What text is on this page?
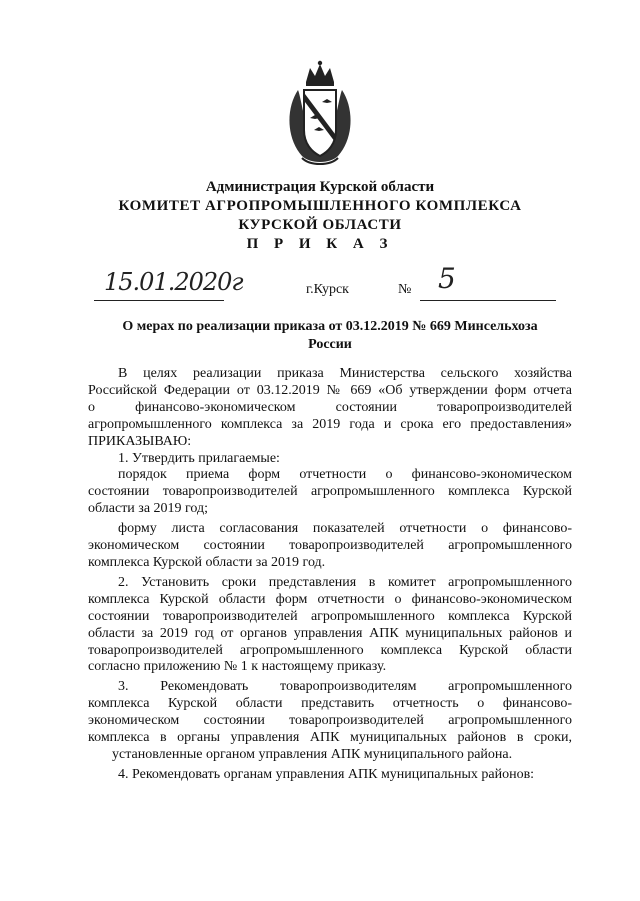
Администрация Курской области
КОМИТЕТ АГРОПРОМЫШЛЕННОГО КОМПЛЕКСА
КУРСКОЙ ОБЛАСТИ
П Р И К А З
15.01.2020г	г.Курск	№ 5
О мерах по реализации приказа от 03.12.2019 № 669 Минсельхоза
России

В целях реализации приказа Министерства сельского хозяйства

Российской Федерации от 03.12.2019 № 669 «Об утверждении форм отчета

о финансово-экономическом состоянии товаропроизводителей

агропромышленного комплекса за 2019 года и срока его предоставления»

ПРИКАЗЫВАЮ:

1. Утвердить прилагаемые:

порядок приема форм отчетности о финансово-экономическом

состоянии товаропроизводителей агропромышленного комплекса Курской

области за 2019 год;

форму листа согласования показателей отчетности о финансово-

экономическом состоянии товаропроизводителей агропромышленного

комплекса Курской области за 2019 год.

2. Установить сроки представления в комитет агропромышленного

комплекса Курской области форм отчетности о финансово-экономическом

состоянии товаропроизводителей агропромышленного комплекса Курской

области за 2019 год от органов управления АПК муниципальных районов и

товаропроизводителей агропромышленного комплекса Курской области

согласно приложению № 1 к настоящему приказу.

3. Рекомендовать товаропроизводителям агропромышленного

комплекса Курской области представить отчетность о финансово-

экономическом состоянии товаропроизводителей агропромышленного

комплекса в органы управления АПК муниципальных районов в сроки,

установленные органом управления АПК муниципального района.

4. Рекомендовать органам управления АПК муниципальных районов:
